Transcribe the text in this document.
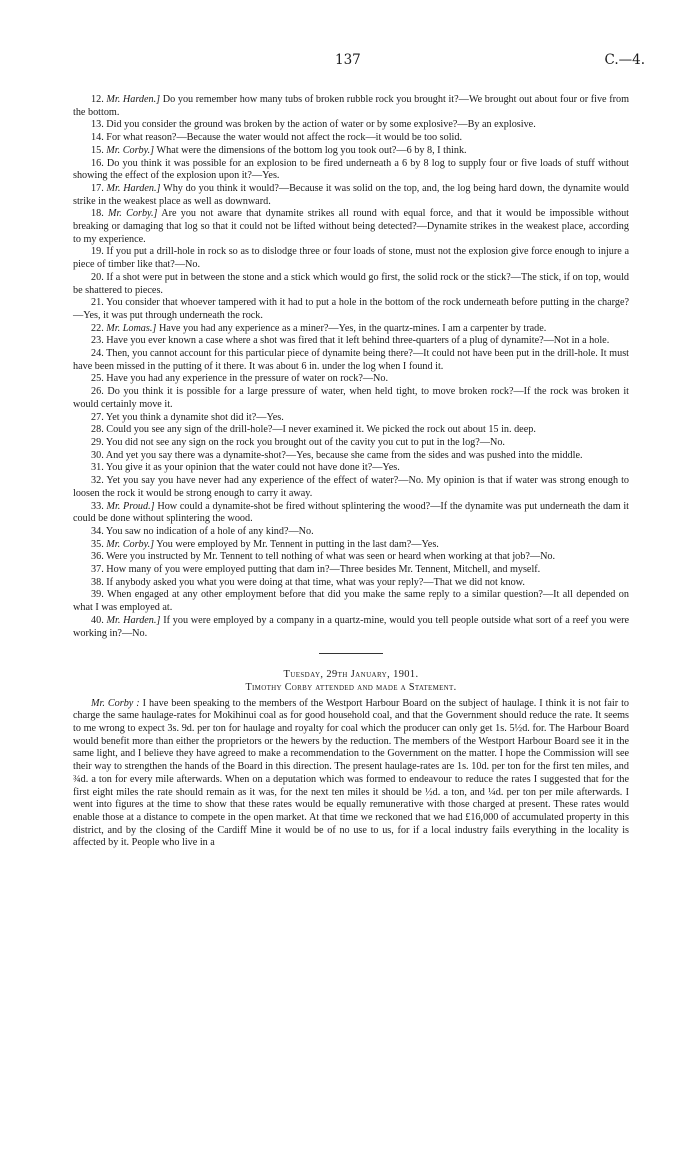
137	C.—4.

12. Mr. Harden.] Do you remember how many tubs of broken rubble rock you brought it?—We brought out about four or five from the bottom.

13. Did you consider the ground was broken by the action of water or by some explosive?—By an explosive.

14. For what reason?—Because the water would not affect the rock—it would be too solid.

15. Mr. Corby.] What were the dimensions of the bottom log you took out?—6 by 8, I think.

16. Do you think it was possible for an explosion to be fired underneath a 6 by 8 log to supply four or five loads of stuff without showing the effect of the explosion upon it?—Yes.

17. Mr. Harden.] Why do you think it would?—Because it was solid on the top, and, the log being hard down, the dynamite would strike in the weakest place as well as downward.

18. Mr. Corby.] Are you not aware that dynamite strikes all round with equal force, and that it would be impossible without breaking or damaging that log so that it could not be lifted without being detected?—Dynamite strikes in the weakest place, according to my experience.

19. If you put a drill-hole in rock so as to dislodge three or four loads of stone, must not the explosion give force enough to injure a piece of timber like that?—No.

20. If a shot were put in between the stone and a stick which would go first, the solid rock or the stick?—The stick, if on top, would be shattered to pieces.

21. You consider that whoever tampered with it had to put a hole in the bottom of the rock underneath before putting in the charge?—Yes, it was put through underneath the rock.

22. Mr. Lomas.] Have you had any experience as a miner?—Yes, in the quartz-mines. I am a carpenter by trade.

23. Have you ever known a case where a shot was fired that it left behind three-quarters of a plug of dynamite?—Not in a hole.

24. Then, you cannot account for this particular piece of dynamite being there?—It could not have been put in the drill-hole. It must have been missed in the putting of it there. It was about 6 in. under the log when I found it.

25. Have you had any experience in the pressure of water on rock?—No.

26. Do you think it is possible for a large pressure of water, when held tight, to move broken rock?—If the rock was broken it would certainly move it.

27. Yet you think a dynamite shot did it?—Yes.

28. Could you see any sign of the drill-hole?—I never examined it. We picked the rock out about 15 in. deep.

29. You did not see any sign on the rock you brought out of the cavity you cut to put in the log?—No.

30. And yet you say there was a dynamite-shot?—Yes, because she came from the sides and was pushed into the middle.

31. You give it as your opinion that the water could not have done it?—Yes.

32. Yet you say you have never had any experience of the effect of water?—No. My opinion is that if water was strong enough to loosen the rock it would be strong enough to carry it away.

33. Mr. Proud.] How could a dynamite-shot be fired without splintering the wood?—If the dynamite was put underneath the dam it could be done without splintering the wood.

34. You saw no indication of a hole of any kind?—No.

35. Mr. Corby.] You were employed by Mr. Tennent in putting in the last dam?—Yes.

36. Were you instructed by Mr. Tennent to tell nothing of what was seen or heard when working at that job?—No.

37. How many of you were employed putting that dam in?—Three besides Mr. Tennent, Mitchell, and myself.

38. If anybody asked you what you were doing at that time, what was your reply?—That we did not know.

39. When engaged at any other employment before that did you make the same reply to a similar question?—It all depended on what I was employed at.

40. Mr. Harden.] If you were employed by a company in a quartz-mine, would you tell people outside what sort of a reef you were working in?—No.

Tuesday, 29th January, 1901.

Timothy Corby attended and made a Statement.

Mr. Corby : I have been speaking to the members of the Westport Harbour Board on the subject of haulage. I think it is not fair to charge the same haulage-rates for Mokihinui coal as for good household coal, and that the Government should reduce the rate. It seems to me wrong to expect 3s. 9d. per ton for haulage and royalty for coal which the producer can only get 1s. 5½d. for. The Harbour Board would benefit more than either the proprietors or the hewers by the reduction. The members of the Westport Harbour Board see it in the same light, and I believe they have agreed to make a recommendation to the Government on the matter. I hope the Commission will see their way to strengthen the hands of the Board in this direction. The present haulage-rates are 1s. 10d. per ton for the first ten miles, and ¾d. a ton for every mile afterwards. When on a deputation which was formed to endeavour to reduce the rates I suggested that for the first eight miles the rate should remain as it was, for the next ten miles it should be ½d. a ton, and ¼d. per ton per mile afterwards. I went into figures at the time to show that these rates would be equally remunerative with those charged at present. These rates would enable those at a distance to compete in the open market. At that time we reckoned that we had £16,000 of accumulated property in this district, and by the closing of the Cardiff Mine it would be of no use to us, for if a local industry fails everything in the locality is affected by it. People who live in a
